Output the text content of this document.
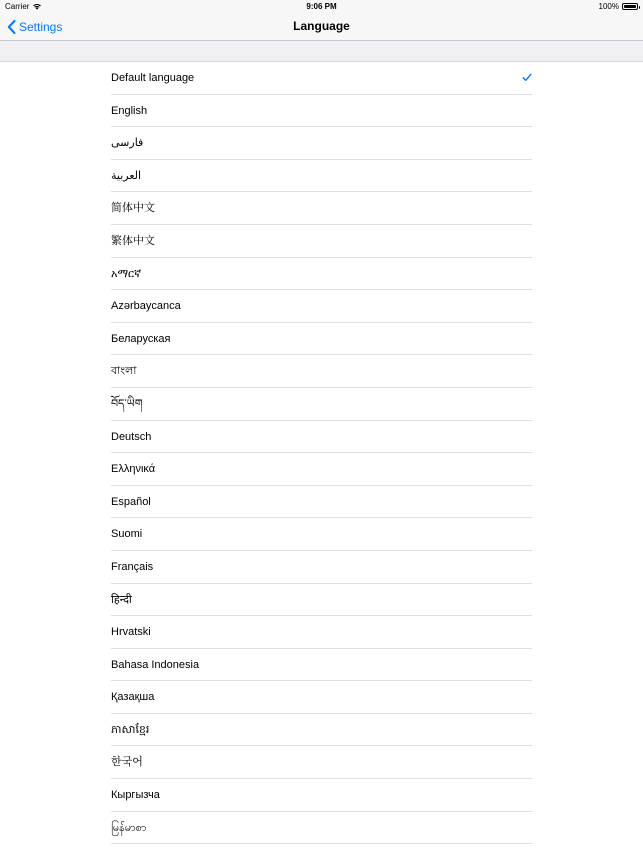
Carrier	9:06 PM	100%
Settings	Language
Default language
English
فارسی
العربية
简体中文
繁体中文
አማርኛ
Azərbaycanca
Беларуская
বাংলা
བོད་ཡིག
Deutsch
Ελληνικά
Español
Suomi
Français
हिन्दी
Hrvatski
Bahasa Indonesia
Қазақша
ភាសាខ្មែរ
한국어
Кыргызча
မြန်မာစာ
